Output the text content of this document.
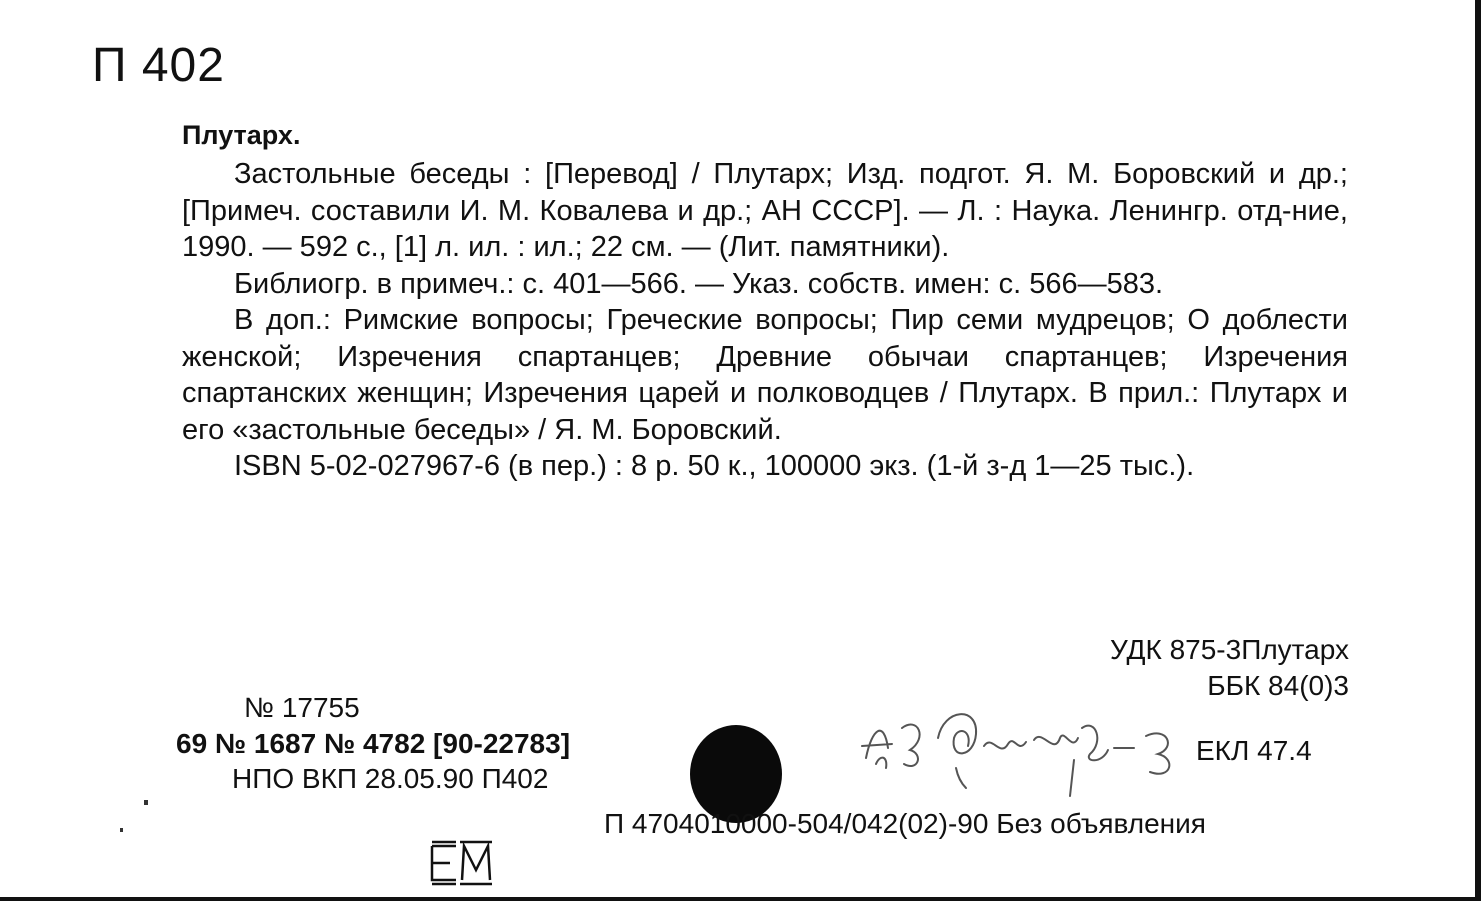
П 402
Плутарх.

Застольные беседы : [Перевод] / Плутарх; Изд. подгот. Я. М. Боровский и др.; [Примеч. составили И. М. Ковалева и др.; АН СССР]. — Л. : Наука. Ленингр. отд-ние, 1990. — 592 с., [1] л. ил. : ил.; 22 см. — (Лит. памятники).

Библиогр. в примеч.: с. 401—566. — Указ. собств. имен: с. 566—583.

В доп.: Римские вопросы; Греческие вопросы; Пир семи мудрецов; О доблести женской; Изречения спартанцев; Древние обычаи спартанцев; Изречения спартанских женщин; Изречения царей и полководцев / Плутарх. В прил.: Плутарх и его «застольные беседы» / Я. М. Боровский.

ISBN 5-02-027967-6 (в пер.) : 8 р. 50 к., 100000 экз. (1-й з-д 1—25 тыс.).

УДК 875-3Плутарх
ББК 84(0)3
№ 17755
69 № 1687 № 4782 [90-22783]
НПО ВКП 28.05.90 П402
ЕКЛ 47.4
П 4704010000-504/042(02)-90 Без объявления
